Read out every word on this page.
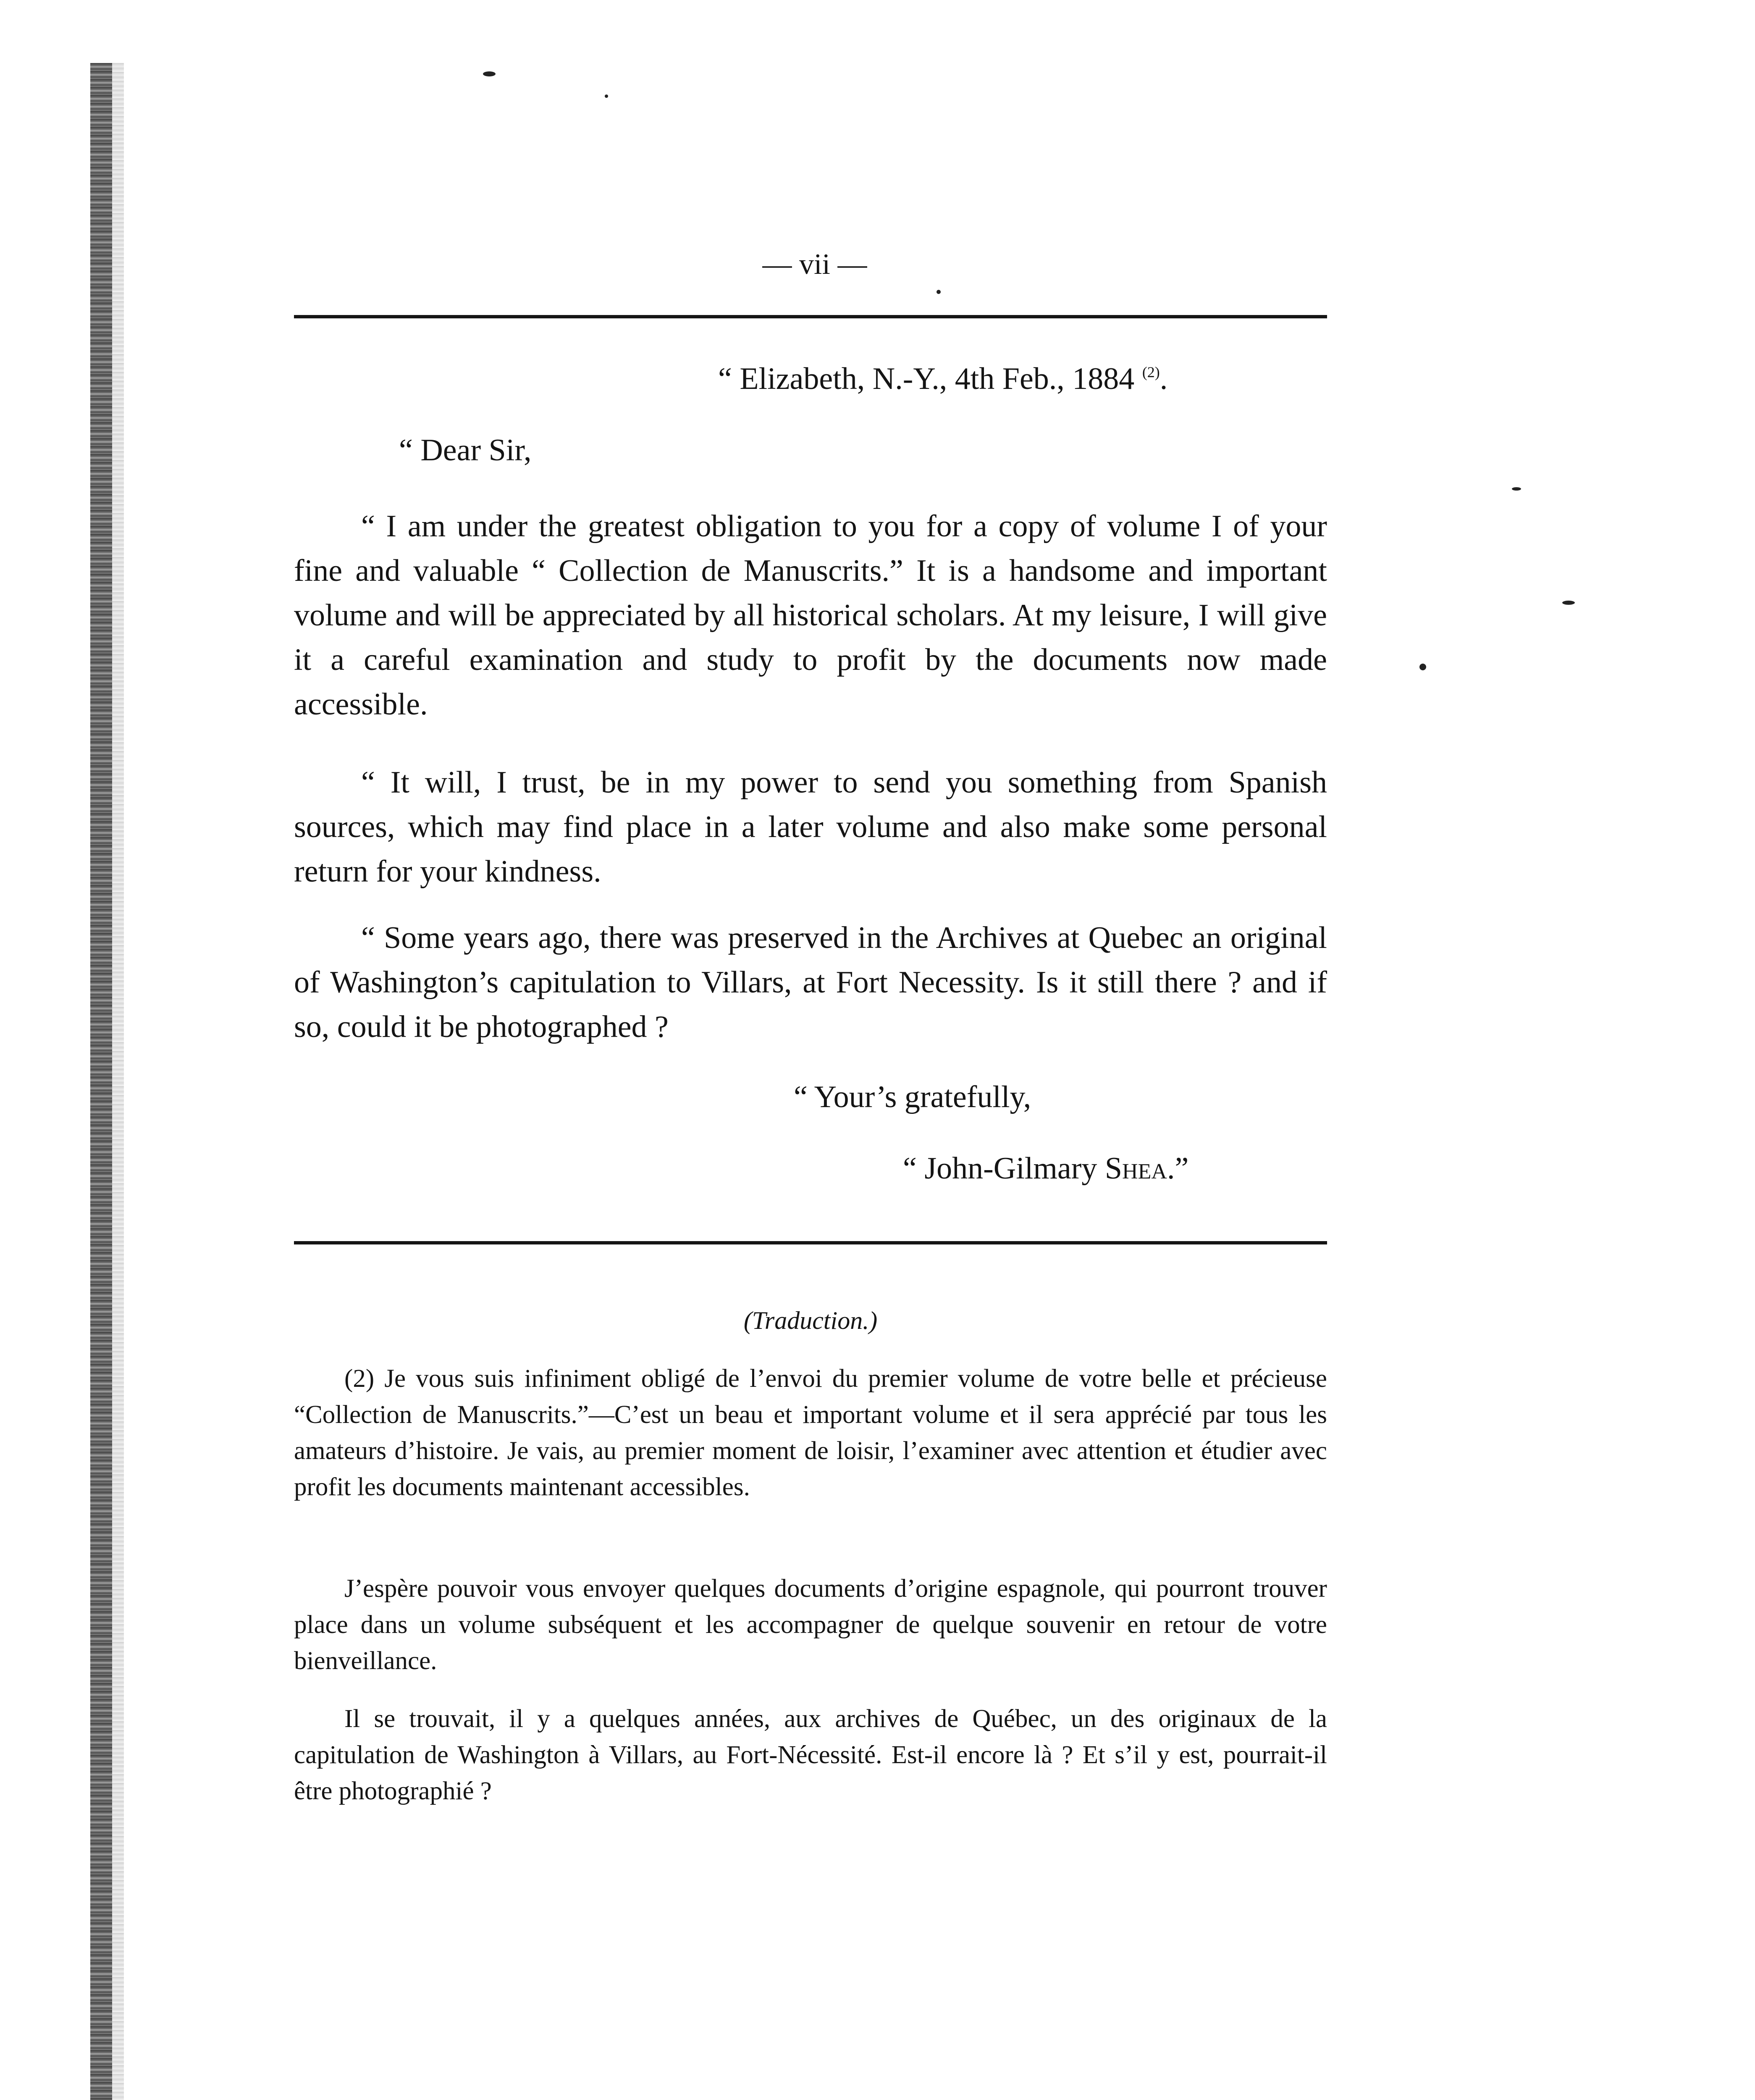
— vii —
“ Elizabeth, N.-Y., 4th Feb., 1884 $^{(2)}$.
“ Dear Sir,

“ I am under the greatest obligation to you for a copy of volume I of your fine and valuable “ Collection de Manuscrits.” It is a handsome and important volume and will be appreciated by all historical scholars. At my leisure, I will give it a careful examination and study to profit by the documents now made accessible.

“ It will, I trust, be in my power to send you something from Spanish sources, which may find place in a later volume and also make some personal return for your kindness.

“ Some years ago, there was preserved in the Archives at Quebec an original of Washington’s capitulation to Villars, at Fort Necessity. Is it still there ? and if so, could it be photographed ?

“ Your’s gratefully,
“ John-Gilmary Shea.”
(Traduction.)

(2) Je vous suis infiniment obligé de l’envoi du premier volume de votre belle et précieuse “Collection de Manuscrits.”—C’est un beau et important volume et il sera apprécié par tous les amateurs d’histoire. Je vais, au premier moment de loisir, l’examiner avec attention et étudier avec profit les documents maintenant accessibles.

J’espère pouvoir vous envoyer quelques documents d’origine espagnole, qui pourront trouver place dans un volume subséquent et les accompagner de quelque souvenir en retour de votre bienveillance.

Il se trouvait, il y a quelques années, aux archives de Québec, un des originaux de la capitulation de Washington à Villars, au Fort-Nécessité. Est-il encore là ? Et s’il y est, pourrait-il être photographié ?
